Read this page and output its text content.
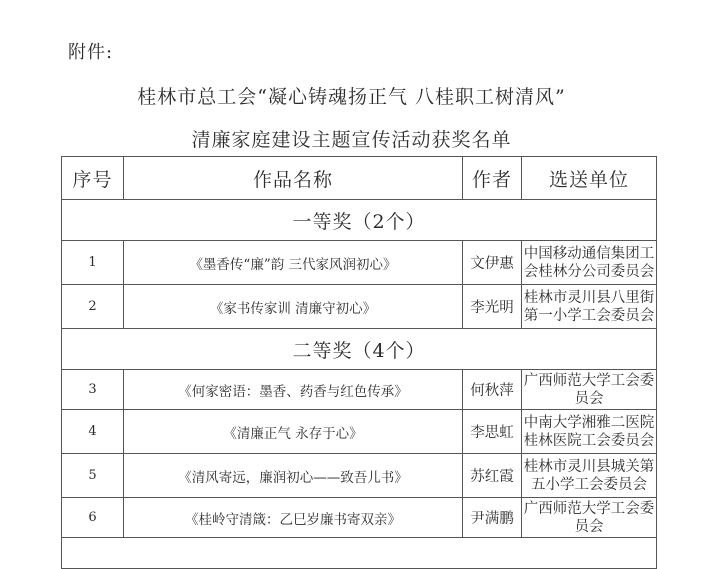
附件:
桂林市总工会“凝心铸魂扬正气 八桂职工树清风”
清廉家庭建设主题宣传活动获奖名单
序号	作品名称	作者	选送单位
一等奖（2个）			
1	《墨香传“廉”韵 三代家风润初心》	文伊惠	中国移动通信集团工会桂林分公司委员会
2	《家书传家训 清廉守初心》	李光明	桂林市灵川县八里街第一小学工会委员会
二等奖（4个）			
3	《何家密语：墨香、药香与红色传承》	何秋萍	广西师范大学工会委员会
4	《清廉正气 永存于心》	李思虹	中南大学湘雅二医院桂林医院工会委员会
5	《清风寄远，廉润初心——致吾儿书》	苏红霞	桂林市灵川县城关第五小学工会委员会
6	《桂岭守清箴：乙巳岁廉书寄双亲》	尹满鹏	广西师范大学工会委员会
